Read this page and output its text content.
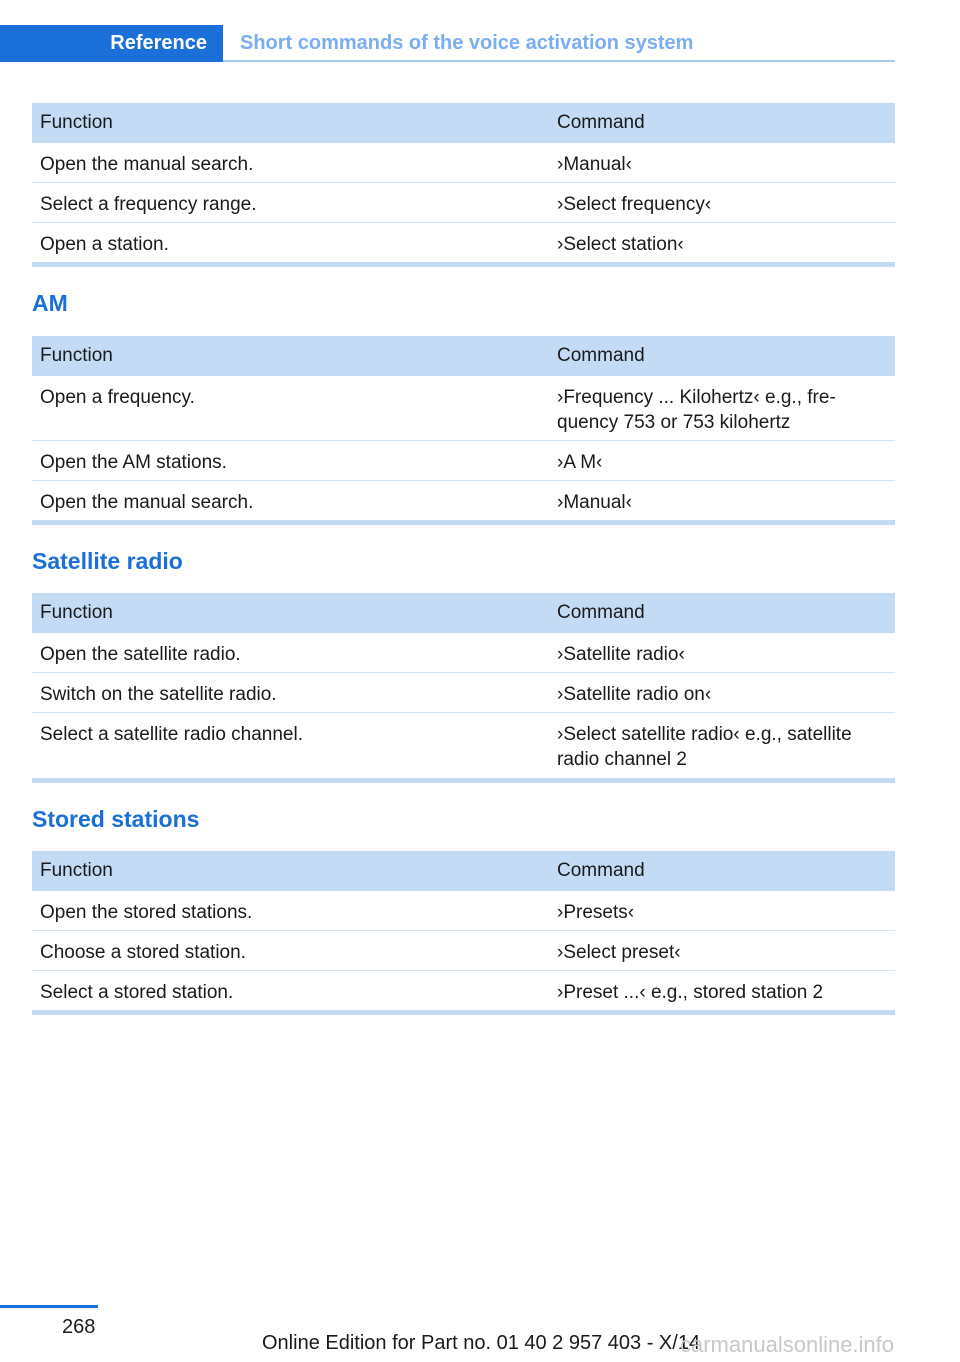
Reference	Short commands of the voice activation system
Function	Command
Open the manual search.	›Manual‹
Select a frequency range.	›Select frequency‹
Open a station.	›Select station‹
AM
Function	Command
Open a frequency.	›Frequency ... Kilohertz‹ e.g., fre‐
quency 753 or 753 kilohertz
Open the AM stations.	›A M‹
Open the manual search.	›Manual‹
Satellite radio
Function	Command
Open the satellite radio.	›Satellite radio‹
Switch on the satellite radio.	›Satellite radio on‹
Select a satellite radio channel.	›Select satellite radio‹ e.g., satellite
radio channel 2
Stored stations
Function	Command
Open the stored stations.	›Presets‹
Choose a stored station.	›Select preset‹
Select a stored station.	›Preset ...‹ e.g., stored station 2
268
Online Edition for Part no. 01 40 2 957 403 - X/14
carmanualsonline.info
